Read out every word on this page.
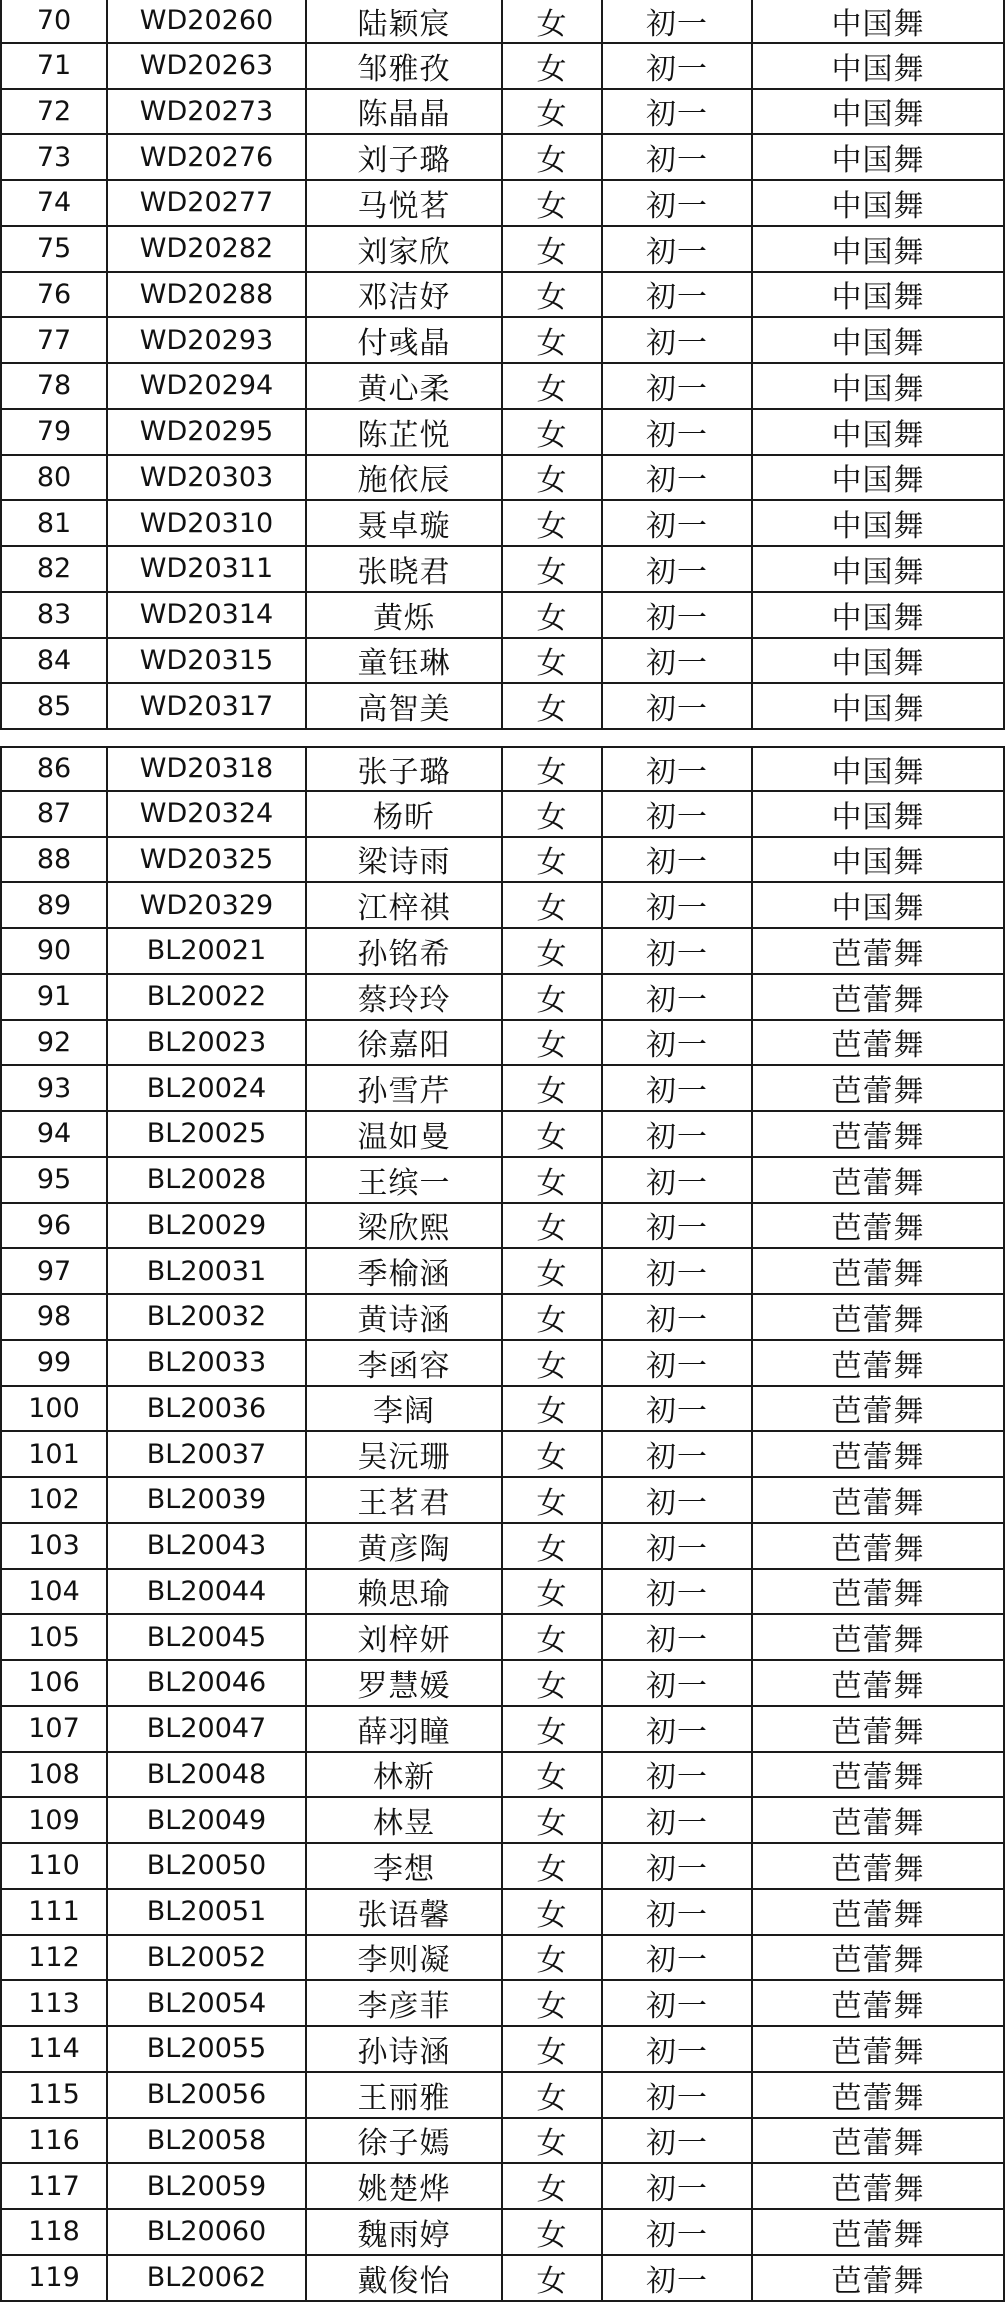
70	WD20260	陆颖宸	女	初一	中国舞
71	WD20263	邹雅孜	女	初一	中国舞
72	WD20273	陈晶晶	女	初一	中国舞
73	WD20276	刘子璐	女	初一	中国舞
74	WD20277	马悦茗	女	初一	中国舞
75	WD20282	刘家欣	女	初一	中国舞
76	WD20288	邓洁妤	女	初一	中国舞
77	WD20293	付彧晶	女	初一	中国舞
78	WD20294	黄心柔	女	初一	中国舞
79	WD20295	陈芷悦	女	初一	中国舞
80	WD20303	施依辰	女	初一	中国舞
81	WD20310	聂卓璇	女	初一	中国舞
82	WD20311	张晓君	女	初一	中国舞
83	WD20314	黄烁	女	初一	中国舞
84	WD20315	童钰琳	女	初一	中国舞
85	WD20317	高智美	女	初一	中国舞
86	WD20318	张子璐	女	初一	中国舞
87	WD20324	杨昕	女	初一	中国舞
88	WD20325	梁诗雨	女	初一	中国舞
89	WD20329	江梓祺	女	初一	中国舞
90	BL20021	孙铭希	女	初一	芭蕾舞
91	BL20022	蔡玲玲	女	初一	芭蕾舞
92	BL20023	徐嘉阳	女	初一	芭蕾舞
93	BL20024	孙雪芹	女	初一	芭蕾舞
94	BL20025	温如曼	女	初一	芭蕾舞
95	BL20028	王缤一	女	初一	芭蕾舞
96	BL20029	梁欣熙	女	初一	芭蕾舞
97	BL20031	季榆涵	女	初一	芭蕾舞
98	BL20032	黄诗涵	女	初一	芭蕾舞
99	BL20033	李函容	女	初一	芭蕾舞
100	BL20036	李阔	女	初一	芭蕾舞
101	BL20037	吴沅珊	女	初一	芭蕾舞
102	BL20039	王茗君	女	初一	芭蕾舞
103	BL20043	黄彦陶	女	初一	芭蕾舞
104	BL20044	赖思瑜	女	初一	芭蕾舞
105	BL20045	刘梓妍	女	初一	芭蕾舞
106	BL20046	罗慧媛	女	初一	芭蕾舞
107	BL20047	薛羽瞳	女	初一	芭蕾舞
108	BL20048	林新	女	初一	芭蕾舞
109	BL20049	林昱	女	初一	芭蕾舞
110	BL20050	李想	女	初一	芭蕾舞
111	BL20051	张语馨	女	初一	芭蕾舞
112	BL20052	李则凝	女	初一	芭蕾舞
113	BL20054	李彦菲	女	初一	芭蕾舞
114	BL20055	孙诗涵	女	初一	芭蕾舞
115	BL20056	王丽雅	女	初一	芭蕾舞
116	BL20058	徐子嫣	女	初一	芭蕾舞
117	BL20059	姚楚烨	女	初一	芭蕾舞
118	BL20060	魏雨婷	女	初一	芭蕾舞
119	BL20062	戴俊怡	女	初一	芭蕾舞
